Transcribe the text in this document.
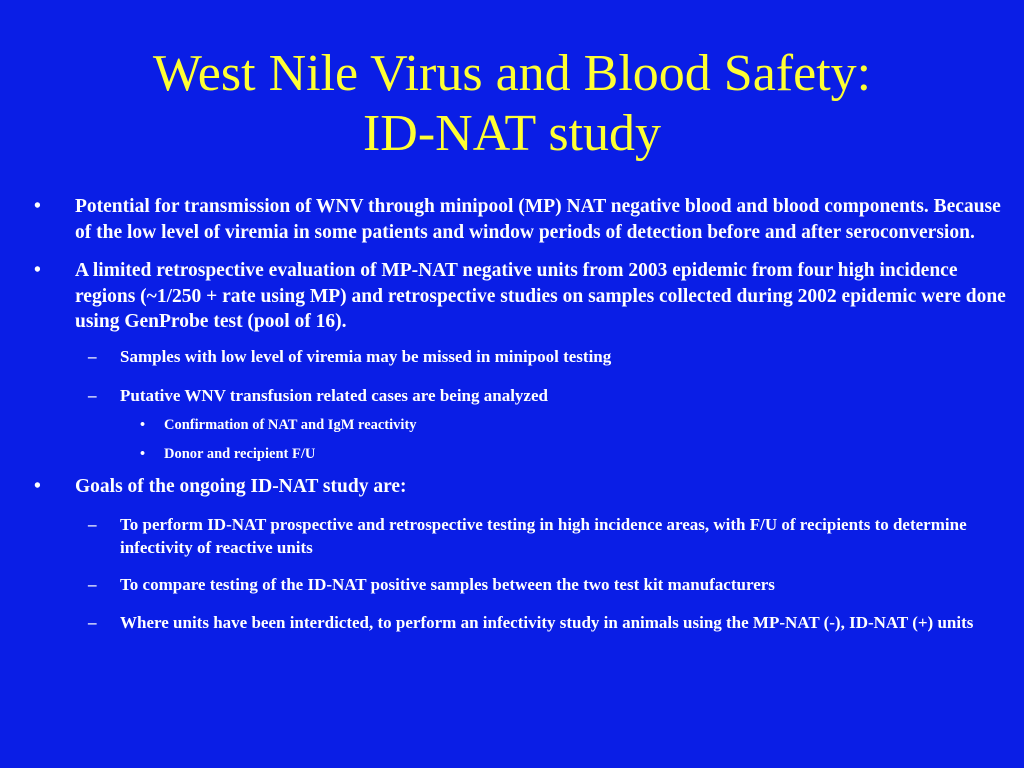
West Nile Virus and Blood Safety:
ID-NAT study
• Potential for transmission of WNV through minipool (MP) NAT negative blood and blood components. Because of the low level of viremia in some patients and window periods of detection before and after seroconversion.
• A limited retrospective evaluation of MP-NAT negative units from 2003 epidemic from four high incidence regions (~1/250 + rate using MP) and retrospective studies on samples collected during 2002 epidemic were done using GenProbe test (pool of 16).
– Samples with low level of viremia may be missed in minipool testing
– Putative WNV transfusion related cases are being analyzed
• Confirmation of NAT and IgM reactivity
• Donor and recipient F/U
• Goals of the ongoing ID-NAT study are:
– To perform ID-NAT prospective and retrospective testing in high incidence areas, with F/U of recipients to determine infectivity of reactive units
– To compare testing of the ID-NAT positive samples between the two test kit manufacturers
– Where units have been interdicted, to perform an infectivity study in animals using the MP-NAT (-), ID-NAT (+) units
